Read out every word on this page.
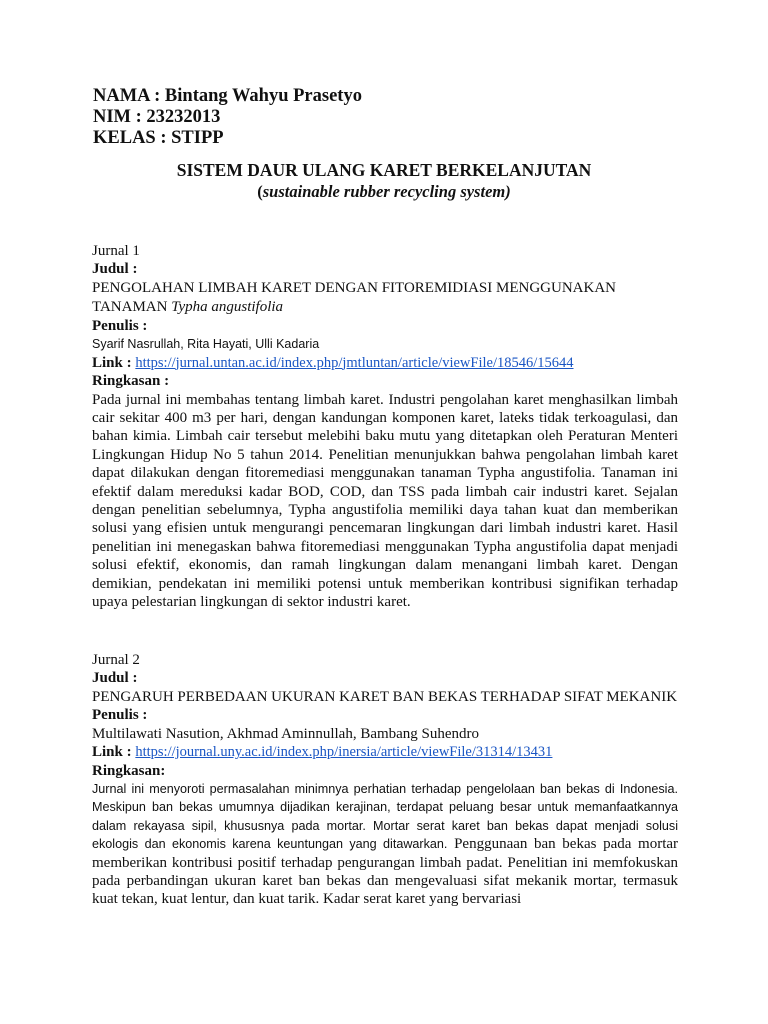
NAMA : Bintang Wahyu Prasetyo
NIM : 23232013
KELAS : STIPP
SISTEM DAUR ULANG KARET BERKELANJUTAN
(sustainable rubber recycling system)
Jurnal 1
Judul :
PENGOLAHAN LIMBAH KARET DENGAN FITOREMIDIASI MENGGUNAKAN TANAMAN Typha angustifolia
Penulis :
Syarif Nasrullah, Rita Hayati, Ulli Kadaria
Link : https://jurnal.untan.ac.id/index.php/jmtluntan/article/viewFile/18546/15644
Ringkasan :
Pada jurnal ini membahas tentang limbah karet. Industri pengolahan karet menghasilkan limbah cair sekitar 400 m3 per hari, dengan kandungan komponen karet, lateks tidak terkoagulasi, dan bahan kimia. Limbah cair tersebut melebihi baku mutu yang ditetapkan oleh Peraturan Menteri Lingkungan Hidup No 5 tahun 2014. Penelitian menunjukkan bahwa pengolahan limbah karet dapat dilakukan dengan fitoremediasi menggunakan tanaman Typha angustifolia. Tanaman ini efektif dalam mereduksi kadar BOD, COD, dan TSS pada limbah cair industri karet. Sejalan dengan penelitian sebelumnya, Typha angustifolia memiliki daya tahan kuat dan memberikan solusi yang efisien untuk mengurangi pencemaran lingkungan dari limbah industri karet. Hasil penelitian ini menegaskan bahwa fitoremediasi menggunakan Typha angustifolia dapat menjadi solusi efektif, ekonomis, dan ramah lingkungan dalam menangani limbah karet. Dengan demikian, pendekatan ini memiliki potensi untuk memberikan kontribusi signifikan terhadap upaya pelestarian lingkungan di sektor industri karet.
Jurnal 2
Judul :
PENGARUH PERBEDAAN UKURAN KARET BAN BEKAS TERHADAP SIFAT MEKANIK
Penulis :
Multilawati Nasution, Akhmad Aminnullah, Bambang Suhendro
Link : https://journal.uny.ac.id/index.php/inersia/article/viewFile/31314/13431
Ringkasan:
Jurnal ini menyoroti permasalahan minimnya perhatian terhadap pengelolaan ban bekas di Indonesia. Meskipun ban bekas umumnya dijadikan kerajinan, terdapat peluang besar untuk memanfaatkannya dalam rekayasa sipil, khususnya pada mortar. Mortar serat karet ban bekas dapat menjadi solusi ekologis dan ekonomis karena keuntungan yang ditawarkan. Penggunaan ban bekas pada mortar memberikan kontribusi positif terhadap pengurangan limbah padat. Penelitian ini memfokuskan pada perbandingan ukuran karet ban bekas dan mengevaluasi sifat mekanik mortar, termasuk kuat tekan, kuat lentur, dan kuat tarik. Kadar serat karet yang bervariasi
